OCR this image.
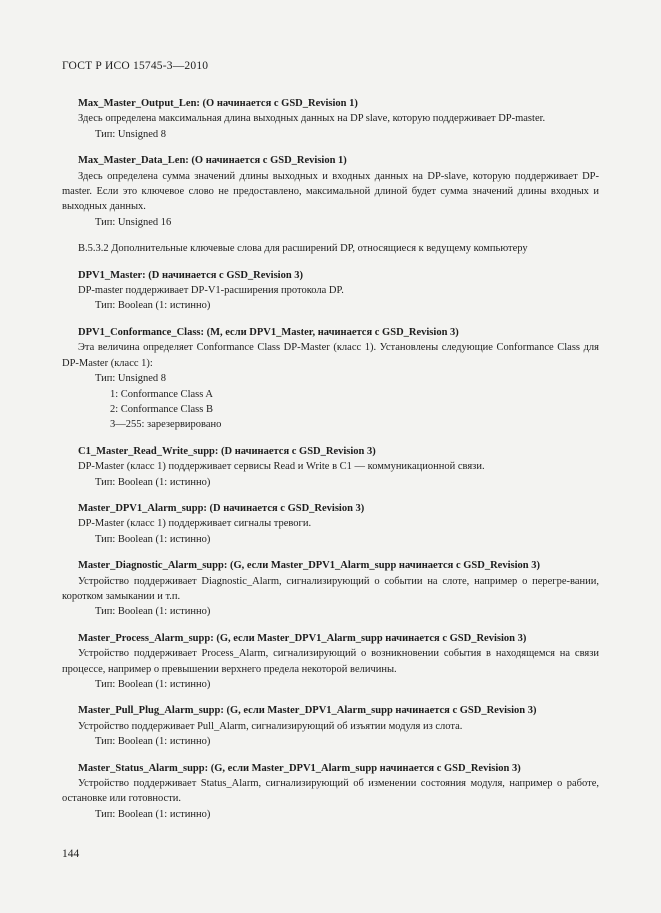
ГОСТ Р ИСО 15745-3—2010
Max_Master_Output_Len: (O начинается с GSD_Revision 1)
Здесь определена максимальная длина выходных данных на DP slave, которую поддерживает DP-master.
Тип: Unsigned 8
Max_Master_Data_Len: (O начинается с GSD_Revision 1)
Здесь определена сумма значений длины выходных и входных данных на DP-slave, которую поддерживает DP-master. Если это ключевое слово не предоставлено, максимальной длиной будет сумма значений длины входных и выходных данных.
Тип: Unsigned 16
B.5.3.2 Дополнительные ключевые слова для расширений DP, относящиеся к ведущему компьютеру
DPV1_Master: (D начинается с GSD_Revision 3)
DP-master поддерживает DP-V1-расширения протокола DP.
Тип: Boolean (1: истинно)
DPV1_Conformance_Class: (M, если DPV1_Master, начинается с GSD_Revision 3)
Эта величина определяет Conformance Class DP-Master (класс 1). Установлены следующие Conformance Class для DP-Master (класс 1):
Тип: Unsigned 8
1: Conformance Class A
2: Conformance Class B
3—255: зарезервировано
C1_Master_Read_Write_supp: (D начинается с GSD_Revision 3)
DP-Master (класс 1) поддерживает сервисы Read и Write в C1 — коммуникационной связи.
Тип: Boolean (1: истинно)
Master_DPV1_Alarm_supp: (D начинается с GSD_Revision 3)
DP-Master (класс 1) поддерживает сигналы тревоги.
Тип: Boolean (1: истинно)
Master_Diagnostic_Alarm_supp: (G, если Master_DPV1_Alarm_supp начинается с GSD_Revision 3)
Устройство поддерживает Diagnostic_Alarm, сигнализирующий о событии на слоте, например о перегре-вании, коротком замыкании и т.п.
Тип: Boolean (1: истинно)
Master_Process_Alarm_supp: (G, если Master_DPV1_Alarm_supp начинается с GSD_Revision 3)
Устройство поддерживает Process_Alarm, сигнализирующий о возникновении события в находящемся на связи процессе, например о превышении верхнего предела некоторой величины.
Тип: Boolean (1: истинно)
Master_Pull_Plug_Alarm_supp: (G, если Master_DPV1_Alarm_supp начинается с GSD_Revision 3)
Устройство поддерживает Pull_Alarm, сигнализирующий об изъятии модуля из слота.
Тип: Boolean (1: истинно)
Master_Status_Alarm_supp: (G, если Master_DPV1_Alarm_supp начинается с GSD_Revision 3)
Устройство поддерживает Status_Alarm, сигнализирующий об изменении состояния модуля, например о работе, остановке или готовности.
Тип: Boolean (1: истинно)
144
